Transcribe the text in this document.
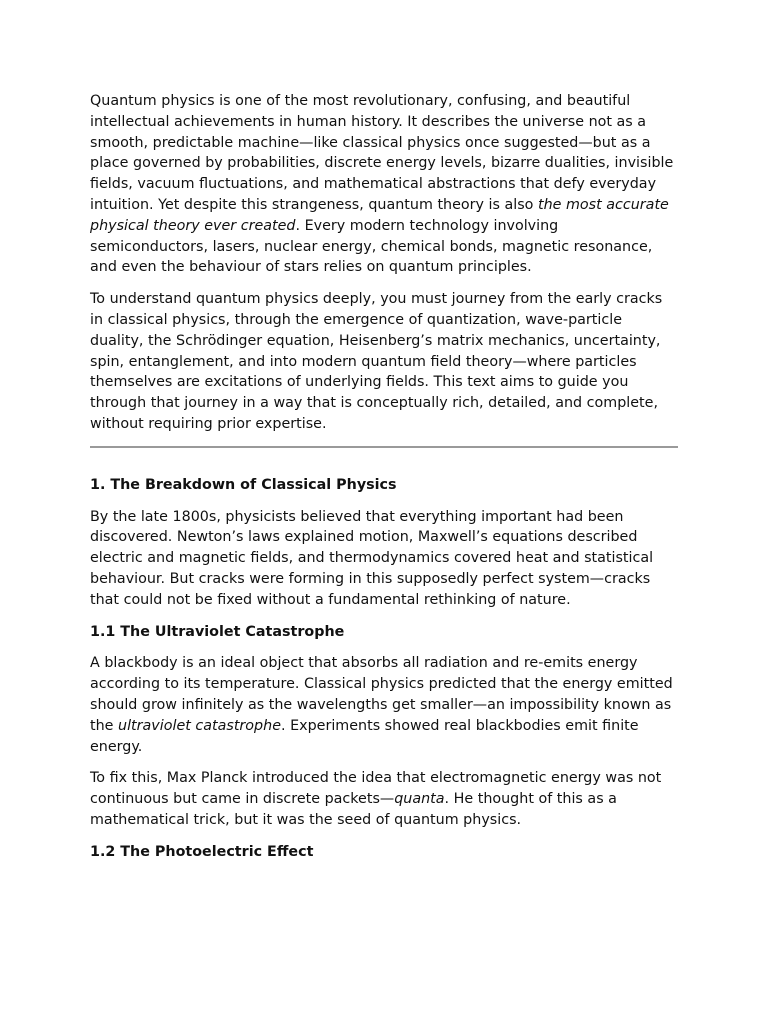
Quantum physics is one of the most revolutionary, confusing, and beautiful intellectual achievements in human history. It describes the universe not as a smooth, predictable machine—like classical physics once suggested—but as a place governed by probabilities, discrete energy levels, bizarre dualities, invisible fields, vacuum fluctuations, and mathematical abstractions that defy everyday intuition. Yet despite this strangeness, quantum theory is also the most accurate physical theory ever created. Every modern technology involving semiconductors, lasers, nuclear energy, chemical bonds, magnetic resonance, and even the behaviour of stars relies on quantum principles.

To understand quantum physics deeply, you must journey from the early cracks in classical physics, through the emergence of quantization, wave-particle duality, the Schrödinger equation, Heisenberg’s matrix mechanics, uncertainty, spin, entanglement, and into modern quantum field theory—where particles themselves are excitations of underlying fields. This text aims to guide you through that journey in a way that is conceptually rich, detailed, and complete, without requiring prior expertise.

1. The Breakdown of Classical Physics

By the late 1800s, physicists believed that everything important had been discovered. Newton’s laws explained motion, Maxwell’s equations described electric and magnetic fields, and thermodynamics covered heat and statistical behaviour. But cracks were forming in this supposedly perfect system—cracks that could not be fixed without a fundamental rethinking of nature.

1.1 The Ultraviolet Catastrophe

A blackbody is an ideal object that absorbs all radiation and re-emits energy according to its temperature. Classical physics predicted that the energy emitted should grow infinitely as the wavelengths get smaller—an impossibility known as the ultraviolet catastrophe. Experiments showed real blackbodies emit finite energy.

To fix this, Max Planck introduced the idea that electromagnetic energy was not continuous but came in discrete packets—quanta. He thought of this as a mathematical trick, but it was the seed of quantum physics.

1.2 The Photoelectric Effect
